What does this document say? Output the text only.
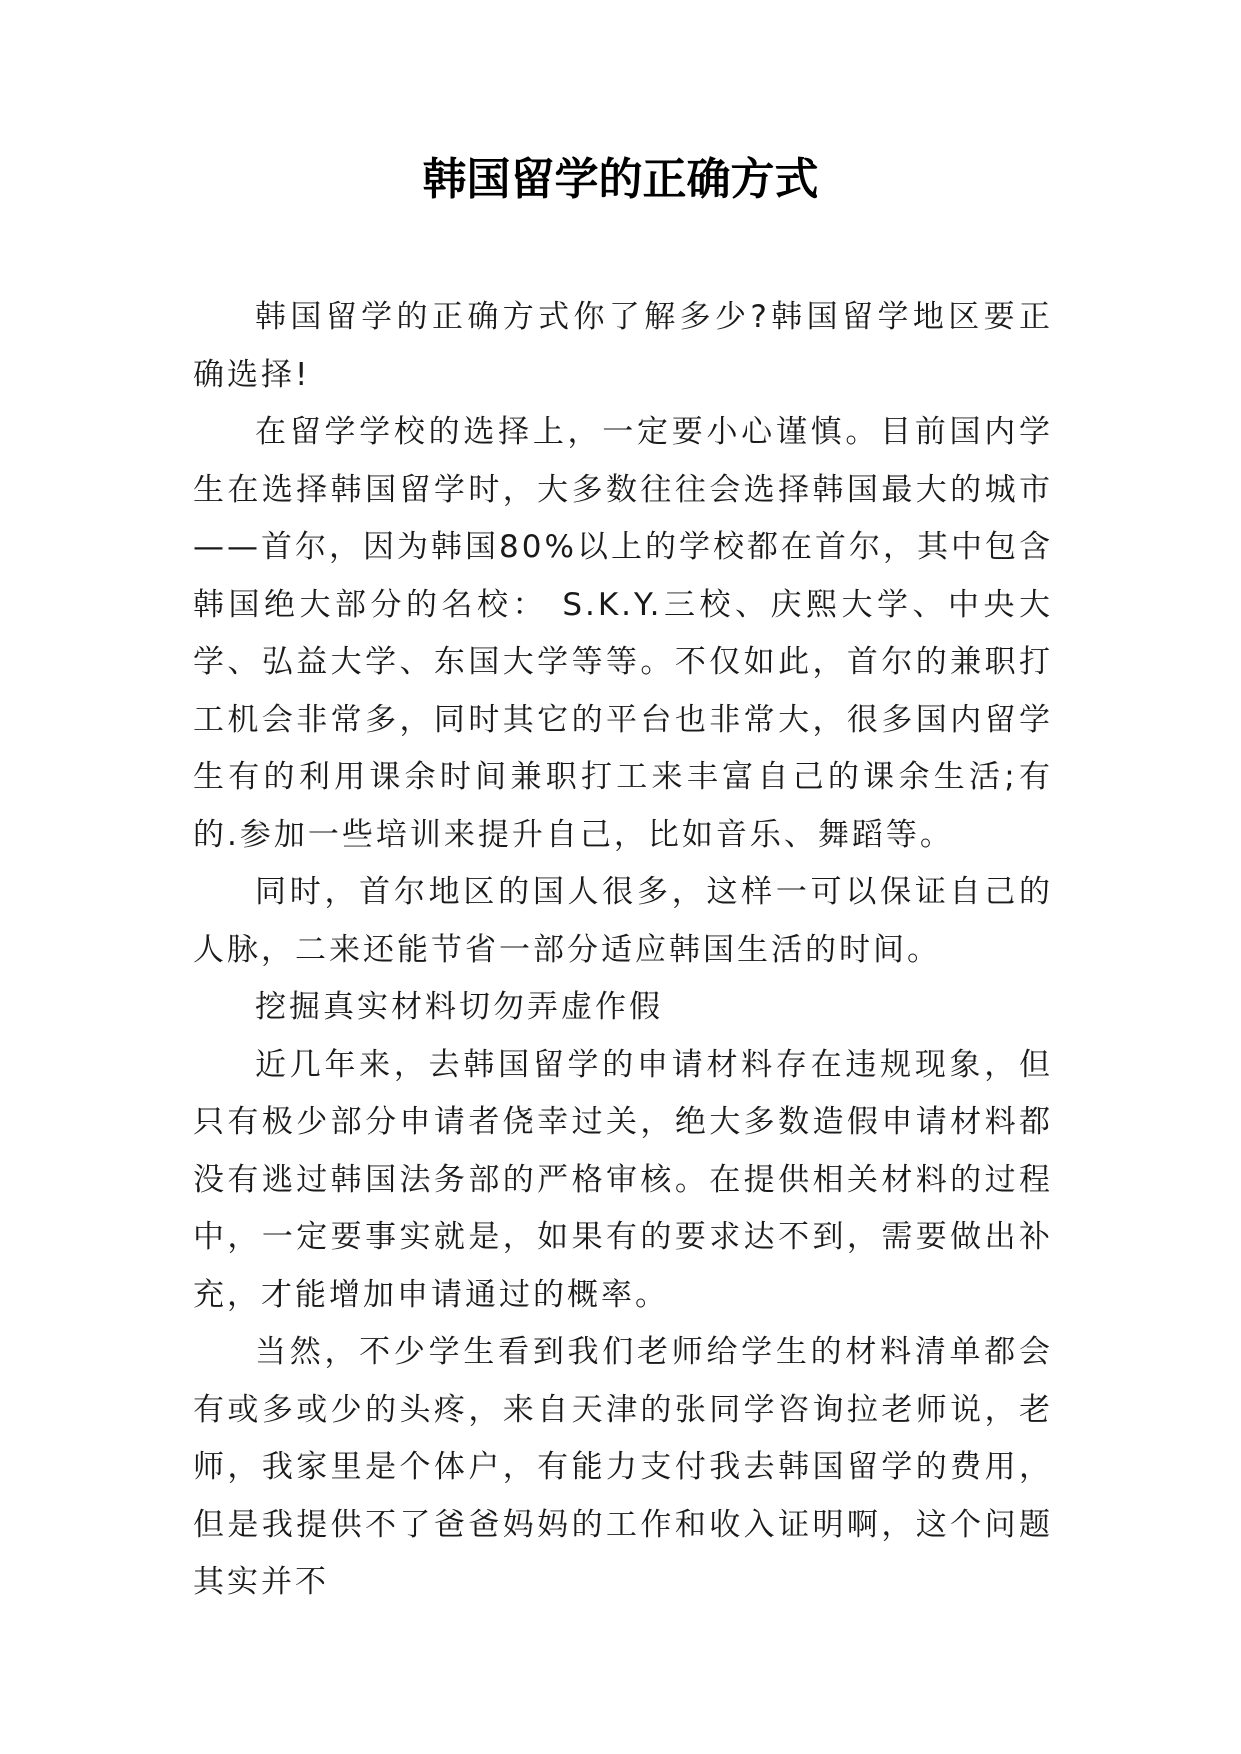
韩国留学的正确方式

韩国留学的正确方式你了解多少?韩国留学地区要正确选择!

在留学学校的选择上，一定要小心谨慎。目前国内学生在选择韩国留学时，大多数往往会选择韩国最大的城市——首尔，因为韩国80%以上的学校都在首尔，其中包含韩国绝大部分的名校： S.K.Y.三校、庆熙大学、中央大学、弘益大学、东国大学等等。不仅如此，首尔的兼职打工机会非常多，同时其它的平台也非常大，很多国内留学生有的利用课余时间兼职打工来丰富自己的课余生活;有的.参加一些培训来提升自己，比如音乐、舞蹈等。

同时，首尔地区的国人很多，这样一可以保证自己的人脉，二来还能节省一部分适应韩国生活的时间。

挖掘真实材料切勿弄虚作假

近几年来，去韩国留学的申请材料存在违规现象，但只有极少部分申请者侥幸过关，绝大多数造假申请材料都没有逃过韩国法务部的严格审核。在提供相关材料的过程中，一定要事实就是，如果有的要求达不到，需要做出补充，才能增加申请通过的概率。

当然，不少学生看到我们老师给学生的材料清单都会有或多或少的头疼，来自天津的张同学咨询拉老师说，老师，我家里是个体户，有能力支付我去韩国留学的费用，但是我提供不了爸爸妈妈的工作和收入证明啊，这个问题其实并不
